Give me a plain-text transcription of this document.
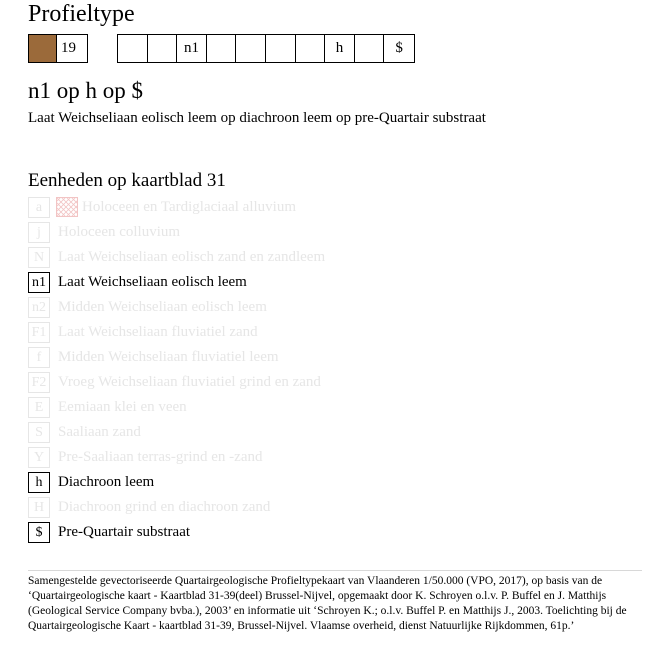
Profieltype
19	n1	h	$
n1 op h op $
Laat Weichseliaan eolisch leem op diachroon leem op pre-Quartair substraat
Eenheden op kaartblad 31
a	Holoceen en Tardiglaciaal alluvium
j	Holoceen colluvium
N Laat Weichseliaan eolisch zand en zandleem
n1 Laat Weichseliaan eolisch leem
n2 Midden Weichseliaan eolisch leem
F1 Laat Weichseliaan fluviatiel zand
f	Midden Weichseliaan fluviatiel leem
F2 Vroeg Weichseliaan fluviatiel grind en zand
E Eemiaan klei en veen
S	Saaliaan zand
Y Pre-Saaliaan terras-grind en -zand
h	Diachroon leem
H Diachroon grind en diachroon zand
$	Pre-Quartair substraat
Samengestelde gevectoriseerde Quartairgeologische Profieltypekaart van Vlaanderen 1/50.000 (VPO, 2017), op basis van de ‘Quartairgeologische kaart - Kaartblad 31-39(deel) Brussel-Nijvel, opgemaakt door K. Schroyen o.l.v. P. Buffel en J. Matthijs (Geological Service Company bvba.), 2003’ en informatie uit ‘Schroyen K.; o.l.v. Buffel P. en Matthijs J., 2003. Toelichting bij de Quartairgeologische Kaart - kaartblad 31-39, Brussel-Nijvel. Vlaamse overheid, dienst Natuurlijke Rijkdommen, 61p.’
